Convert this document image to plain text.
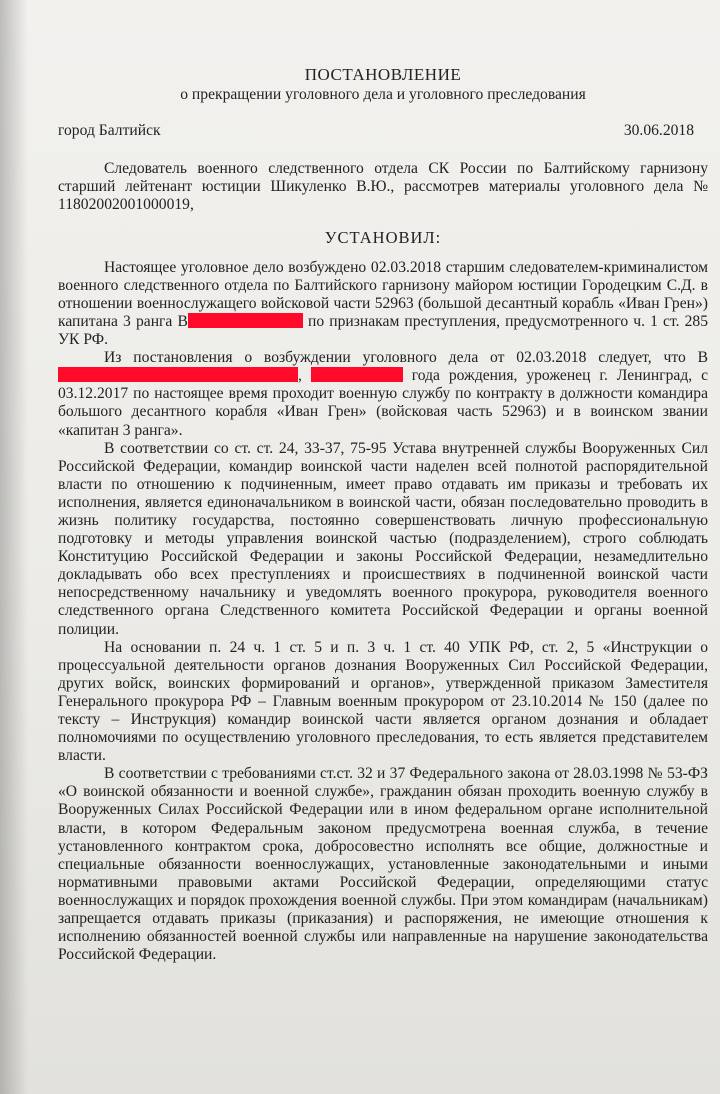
ПОСТАНОВЛЕНИЕ
о прекращении уголовного дела и уголовного преследования
город Балтийск	30.06.2018

Следователь военного следственного отдела СК России по Балтийскому гарнизону старший лейтенант юстиции Шикуленко В.Ю., рассмотрев материалы уголовного дела № 11802002001000019,

УСТАНОВИЛ:

Настоящее уголовное дело возбуждено 02.03.2018 старшим следователем-криминалистом военного следственного отдела по Балтийского гарнизону майором юстиции Городецким С.Д. в отношении военнослужащего войсковой части 52963 (большой десантный корабль «Иван Грен») капитана 3 ранга В	по признакам преступления, предусмотренного ч. 1 ст. 285 УК РФ.

Из постановления о возбуждении уголовного дела от 02.03.2018 следует, что В,	года рождения, уроженец г. Ленинград, с 03.12.2017 по настоящее время проходит военную службу по контракту в должности командира большого десантного корабля «Иван Грен» (войсковая часть 52963) и в воинском звании «капитан 3 ранга».

В соответствии со ст. ст. 24, 33-37, 75-95 Устава внутренней службы Вооруженных Сил Российской Федерации, командир воинской части наделен всей полнотой распорядительной власти по отношению к подчиненным, имеет право отдавать им приказы и требовать их исполнения, является единоначальником в воинской части, обязан последовательно проводить в жизнь политику государства, постоянно совершенствовать личную профессиональную подготовку и методы управления воинской частью (подразделением), строго соблюдать Конституцию Российской Федерации и законы Российской Федерации, незамедлительно докладывать обо всех преступлениях и происшествиях в подчиненной воинской части непосредственному начальнику и уведомлять военного прокурора, руководителя военного следственного органа Следственного комитета Российской Федерации и органы военной полиции.

На основании п. 24 ч. 1 ст. 5 и п. 3 ч. 1 ст. 40 УПК РФ, ст. 2, 5 «Инструкции о процессуальной деятельности органов дознания Вооруженных Сил Российской Федерации, других войск, воинских формирований и органов», утвержденной приказом Заместителя Генерального прокурора РФ – Главным военным прокурором от 23.10.2014 № 150 (далее по тексту – Инструкция) командир воинской части является органом дознания и обладает полномочиями по осуществлению уголовного преследования, то есть является представителем власти.

В соответствии с требованиями ст.ст. 32 и 37 Федерального закона от 28.03.1998 № 53-ФЗ «О воинской обязанности и военной службе», гражданин обязан проходить военную службу в Вооруженных Силах Российской Федерации или в ином федеральном органе исполнительной власти, в котором Федеральным законом предусмотрена военная служба, в течение установленного контрактом срока, добросовестно исполнять все общие, должностные и специальные обязанности военнослужащих, установленные законодательными и иными нормативными правовыми актами Российской Федерации, определяющими статус военнослужащих и порядок прохождения военной службы. При этом командирам (начальникам) запрещается отдавать приказы (приказания) и распоряжения, не имеющие отношения к исполнению обязанностей военной службы или направленные на нарушение законодательства Российской Федерации.
